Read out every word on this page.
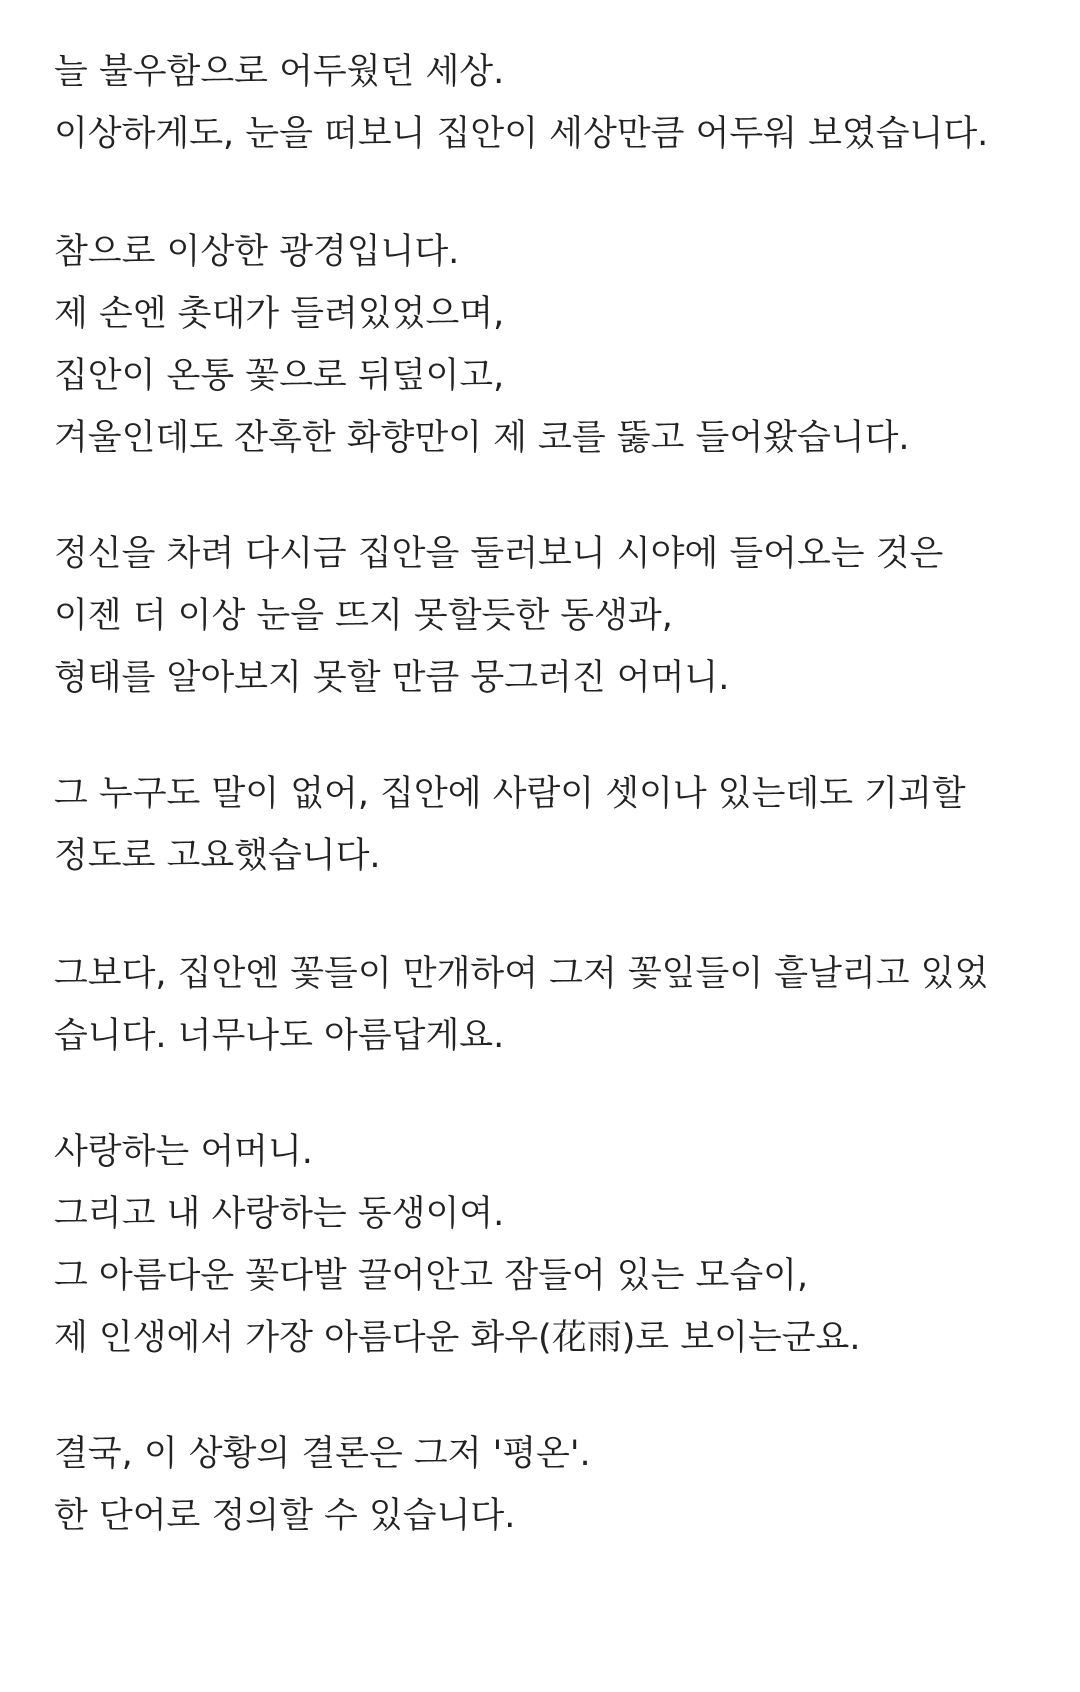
늘 불우함으로 어두웠던 세상.
이상하게도, 눈을 떠보니 집안이 세상만큼 어두워 보였습니다.
참으로 이상한 광경입니다.
제 손엔 촛대가 들려있었으며,
집안이 온통 꽃으로 뒤덮이고,
겨울인데도 잔혹한 화향만이 제 코를 뚫고 들어왔습니다.
정신을 차려 다시금 집안을 둘러보니 시야에 들어오는 것은
이젠 더 이상 눈을 뜨지 못할듯한 동생과,
형태를 알아보지 못할 만큼 뭉그러진 어머니.
그 누구도 말이 없어, 집안에 사람이 셋이나 있는데도 기괴할
정도로 고요했습니다.
그보다, 집안엔 꽃들이 만개하여 그저 꽃잎들이 흩날리고 있었
습니다. 너무나도 아름답게요.
사랑하는 어머니.
그리고 내 사랑하는 동생이여.
그 아름다운 꽃다발 끌어안고 잠들어 있는 모습이,
제 인생에서 가장 아름다운 화우(花雨)로 보이는군요.
결국, 이 상황의 결론은 그저 '평온'.
한 단어로 정의할 수 있습니다.
